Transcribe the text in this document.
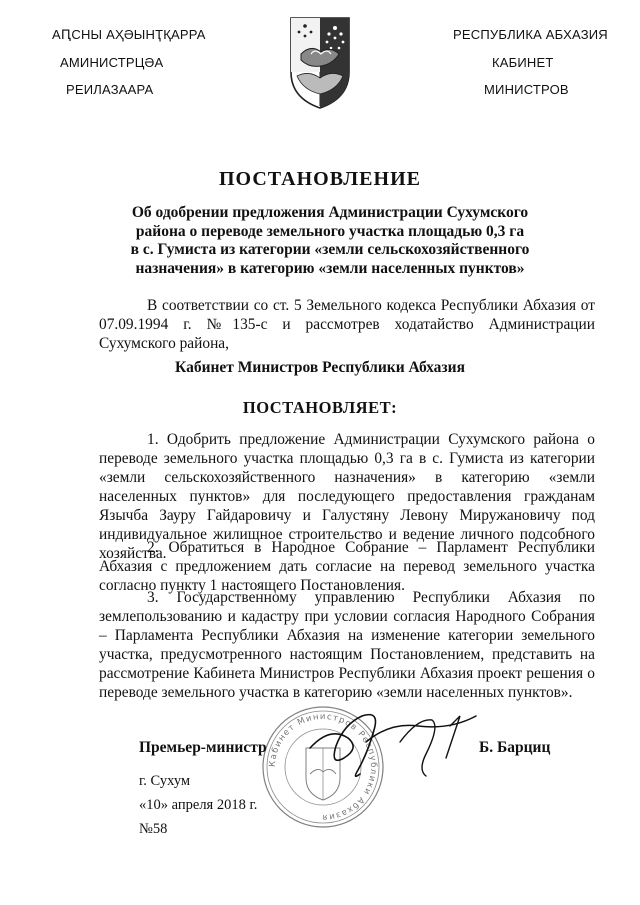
АԤСНЫ АҲӘЫНҬҚАРРА
АМИНИСТРЦӘА
РЕИЛАЗААРА
РЕСПУБЛИКА АБХАЗИЯ
КАБИНЕТ
МИНИСТРОВ
ПОСТАНОВЛЕНИЕ
Об одобрении предложения Администрации Сухумского
района о переводе земельного участка площадью 0,3 га
в с. Гумиста из категории «земли сельскохозяйственного
назначения» в категорию «земли населенных пунктов»
В соответствии со ст. 5 Земельного кодекса Республики Абхазия от 07.09.1994 г. №135-с и рассмотрев ходатайство Администрации Сухумского района,
Кабинет Министров Республики Абхазия
ПОСТАНОВЛЯЕТ:
1. Одобрить предложение Администрации Сухумского района о переводе земельного участка площадью 0,3 га в с. Гумиста из категории «земли сельскохозяйственного назначения» в категорию «земли населенных пунктов» для последующего предоставления гражданам Язычба Зауру Гайдаровичу и Галустяну Левону Миружановичу под индивидуальное жилищное строительство и ведение личного подсобного хозяйства.
2. Обратиться в Народное Собрание – Парламент Республики Абхазия с предложением дать согласие на перевод земельного участка согласно пункту 1 настоящего Постановления.
3. Государственному управлению Республики Абхазия по землепользованию и кадастру при условии согласия Народного Собрания – Парламента Республики Абхазия на изменение категории земельного участка, предусмотренного настоящим Постановлением, представить на рассмотрение Кабинета Министров Республики Абхазия проект решения о переводе земельного участка в категорию «земли населенных пунктов».
Кабинет Министров Республики Абхазия
Премьер-министр	Б. Барциц
г. Сухум
«10» апреля 2018 г.
№58
